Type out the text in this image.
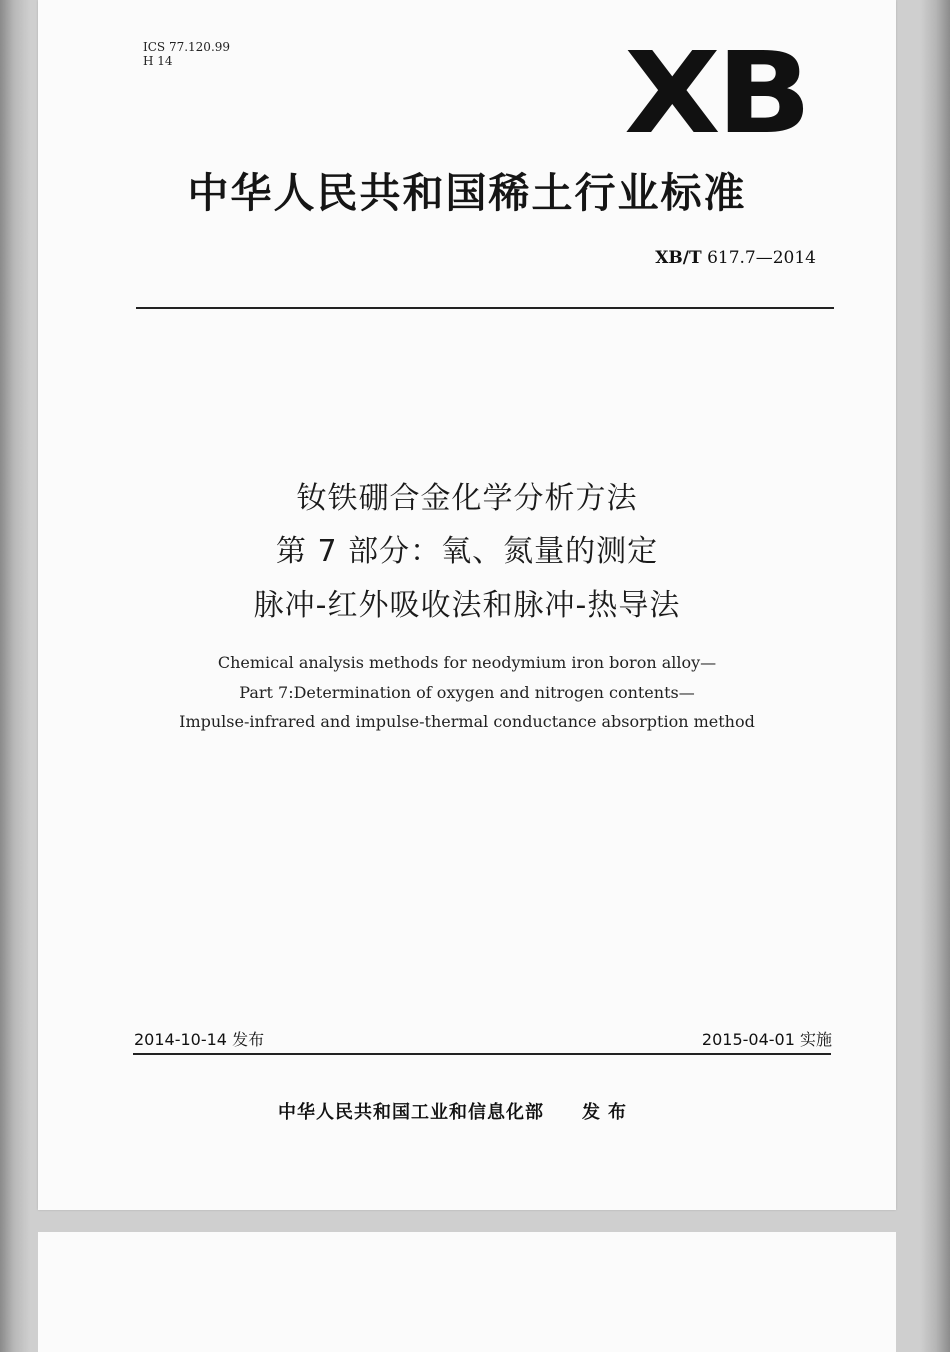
ICS 77.120.99
H 14	XB
中华人民共和国稀土行业标准
XB/T 617.7—2014
钕铁硼合金化学分析方法
第 7 部分：氧、氮量的测定
脉冲-红外吸收法和脉冲-热导法
Chemical analysis methods for neodymium iron boron alloy—
Part 7:Determination of oxygen and nitrogen contents—
Impulse-infrared and impulse-thermal conductance absorption method
2014-10-14 发布	2015-04-01 实施
中华人民共和国工业和信息化部 发布
